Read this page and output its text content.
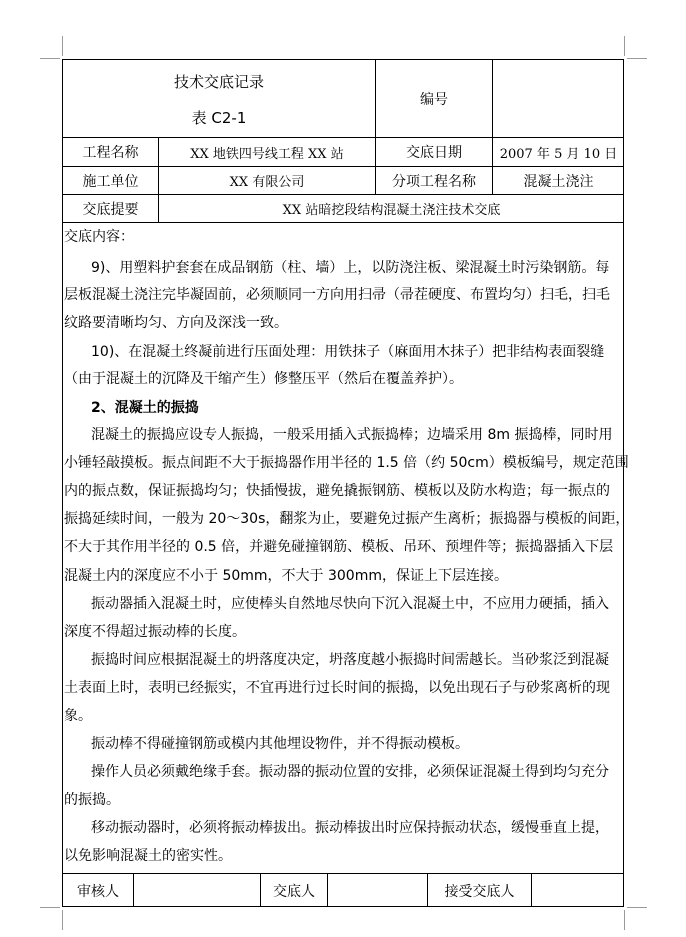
技术交底记录
表 C2-1
编号
工程名称	XX 地铁四号线工程 XX 站	交底日期	2007 年 5 月 10 日
施工单位	XX 有限公司	分项工程名称	混凝土浇注
交底提要	XX 站暗挖段结构混凝土浇注技术交底
交底内容：
9)、用塑料护套套在成品钢筋（柱、墙）上，以防浇注板、梁混凝土时污染钢筋。每
层板混凝土浇注完毕凝固前，必须顺同一方向用扫帚（帚茬硬度、布置均匀）扫毛，扫毛
纹路要清晰均匀、方向及深浅一致。
10)、在混凝土终凝前进行压面处理：用铁抹子（麻面用木抹子）把非结构表面裂缝
（由于混凝土的沉降及干缩产生）修整压平（然后在覆盖养护）。
2、混凝土的振捣
混凝土的振捣应设专人振捣，一般采用插入式振捣棒；边墙采用 8m 振捣棒，同时用
小锤轻敲摸板。振点间距不大于振捣器作用半径的 1.5 倍（约 50cm）模板编号，规定范围
内的振点数，保证振捣均匀；快插慢拔，避免撬振钢筋、模板以及防水构造；每一振点的
振捣延续时间，一般为 20～30s，翻浆为止，要避免过振产生离析；振捣器与模板的间距，
不大于其作用半径的 0.5 倍，并避免碰撞钢筋、模板、吊环、预埋件等；振捣器插入下层
混凝土内的深度应不小于 50mm，不大于 300mm，保证上下层连接。
振动器插入混凝土时，应使棒头自然地尽快向下沉入混凝土中，不应用力硬插，插入
深度不得超过振动棒的长度。
振捣时间应根据混凝土的坍落度决定，坍落度越小振捣时间需越长。当砂浆泛到混凝
土表面上时，表明已经振实，不宜再进行过长时间的振捣，以免出现石子与砂浆离析的现
象。
振动棒不得碰撞钢筋或模内其他埋设物件，并不得振动模板。
操作人员必须戴绝缘手套。振动器的振动位置的安排，必须保证混凝土得到均匀充分
的振捣。
移动振动器时，必须将振动棒拔出。振动棒拔出时应保持振动状态，缓慢垂直上提，
以免影响混凝土的密实性。
审核人	交底人	接受交底人
